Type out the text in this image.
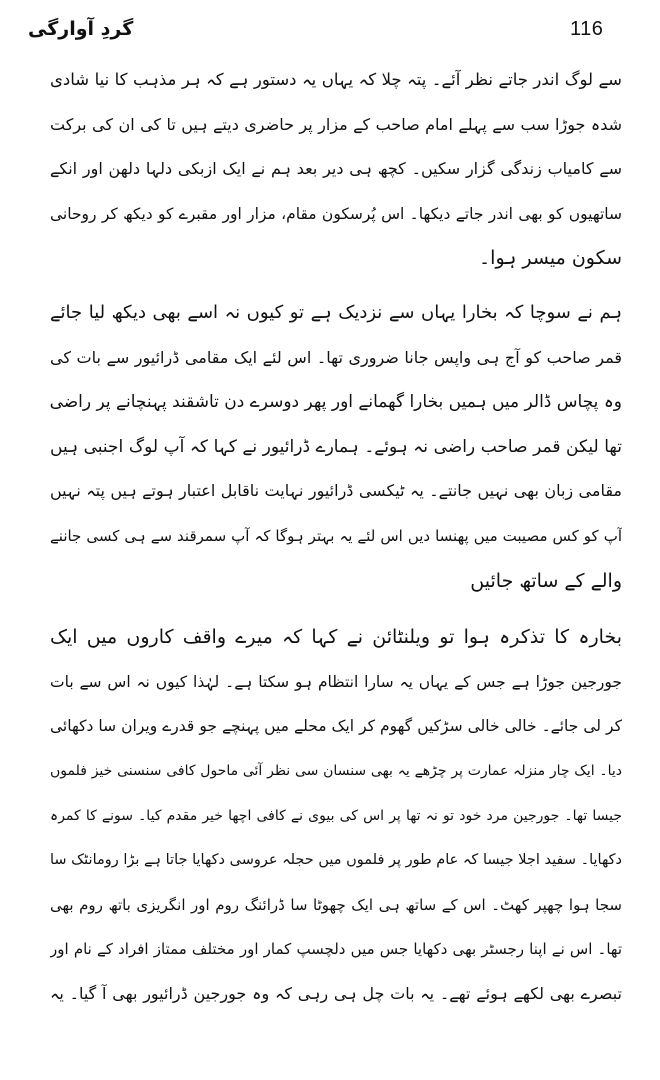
گردِ آوارگی	116
سے لوگ اندر جاتے نظر آئے۔ پتہ چلا کہ یہاں یہ دستور ہے کہ ہر مذہب کا نیا شادی
شدہ جوڑا سب سے پہلے امام صاحب کے مزار پر حاضری دیتے ہیں تا کی ان کی برکت
سے کامیاب زندگی گزار سکیں۔ کچھ ہی دیر بعد ہم نے ایک ازبکی دلہا دلھن اور انکے
ساتھیوں کو بھی اندر جاتے دیکھا۔ اس پُرسکون مقام، مزار اور مقبرے کو دیکھ کر روحانی
سکون میسر ہوا۔
ہم نے سوچا کہ بخارا یہاں سے نزدیک ہے تو کیوں نہ اسے بھی دیکھ لیا جائے
قمر صاحب کو آج ہی واپس جانا ضروری تھا۔ اس لئے ایک مقامی ڈرائیور سے بات کی
وہ پچاس ڈالر میں ہمیں بخارا گھمانے اور پھر دوسرے دن تاشقند پہنچانے پر راضی
تھا لیکن قمر صاحب راضی نہ ہوئے۔ ہمارے ڈرائیور نے کہا کہ آپ لوگ اجنبی ہیں
مقامی زبان بھی نہیں جانتے۔ یہ ٹیکسی ڈرائیور نہایت ناقابل اعتبار ہوتے ہیں پتہ نہیں
آپ کو کس مصیبت میں پھنسا دیں اس لئے یہ بہتر ہوگا کہ آپ سمرقند سے ہی کسی جاننے
والے کے ساتھ جائیں
بخارہ کا تذکرہ ہوا تو ویلنٹائن نے کہا کہ میرے واقف کاروں میں ایک
جورجین جوڑا ہے جس کے یہاں یہ سارا انتظام ہو سکتا ہے۔ لہٰذا کیوں نہ اس سے بات
کر لی جائے۔ خالی خالی سڑکیں گھوم کر ایک محلے میں پہنچے جو قدرے ویران سا دکھائی
دیا۔ ایک چار منزلہ عمارت پر چڑھے یہ بھی سنسان سی نظر آئی ماحول کافی سنسنی خیز فلموں
جیسا تھا۔ جورجین مرد خود تو نہ تھا پر اس کی بیوی نے کافی اچھا خیر مقدم کیا۔ سونے کا کمرہ
دکھایا۔ سفید اجلا جیسا کہ عام طور پر فلموں میں حجلہ عروسی دکھایا جاتا ہے بڑا رومانٹک سا
سجا ہوا چھپر کھٹ۔ اس کے ساتھ ہی ایک چھوٹا سا ڈرائنگ روم اور انگریزی باتھ روم بھی
تھا۔ اس نے اپنا رجسٹر بھی دکھایا جس میں دلچسپ کمار اور مختلف ممتاز افراد کے نام اور
تبصرے بھی لکھے ہوئے تھے۔ یہ بات چل ہی رہی کہ وہ جورجین ڈرائیور بھی آ گیا۔ یہ
